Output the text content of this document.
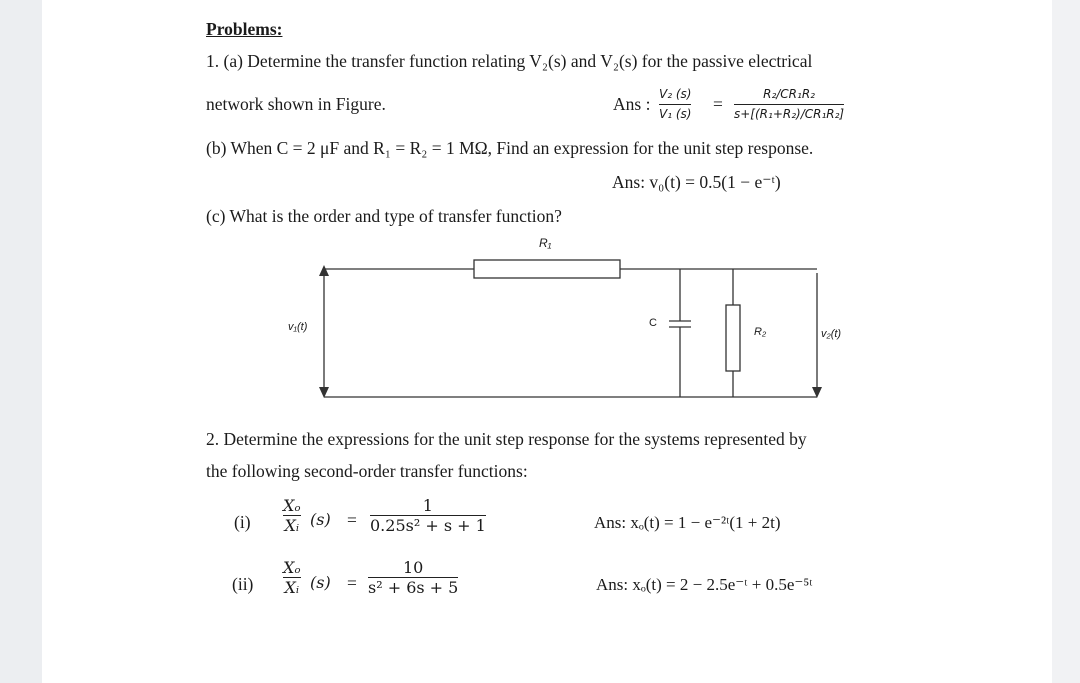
Problems:
1. (a) Determine the transfer function relating V₂(s) and V₂(s) for the passive electrical
network shown in Figure.	Ans : V₂ (s)
V₁ (s) =	R₂/CR₁R₂
s+[(R₁+R₂)/CR₁R₂]
(b) When C = 2 μF and R₁ = R₂ = 1 MΩ, Find an expression for the unit step response.
Ans: v₀(t) = 0.5(1 − e⁻ᵗ)
(c) What is the order and type of transfer function?
R₁
v₁(t)	C
R₂	v₂(t)
2. Determine the expressions for the unit step response for the systems represented by
the following second-order transfer functions:
(i)
Xₒ
Xᵢ (s) =
1
0.25s² + s + 1	Ans: xₒ(t) = 1 − e⁻²ᵗ(1 + 2t)
(ii)
Xₒ
Xᵢ (s) =
10
s² + 6s + 5	Ans: xₒ(t) = 2 − 2.5e⁻ᵗ + 0.5e⁻⁵ᵗ
